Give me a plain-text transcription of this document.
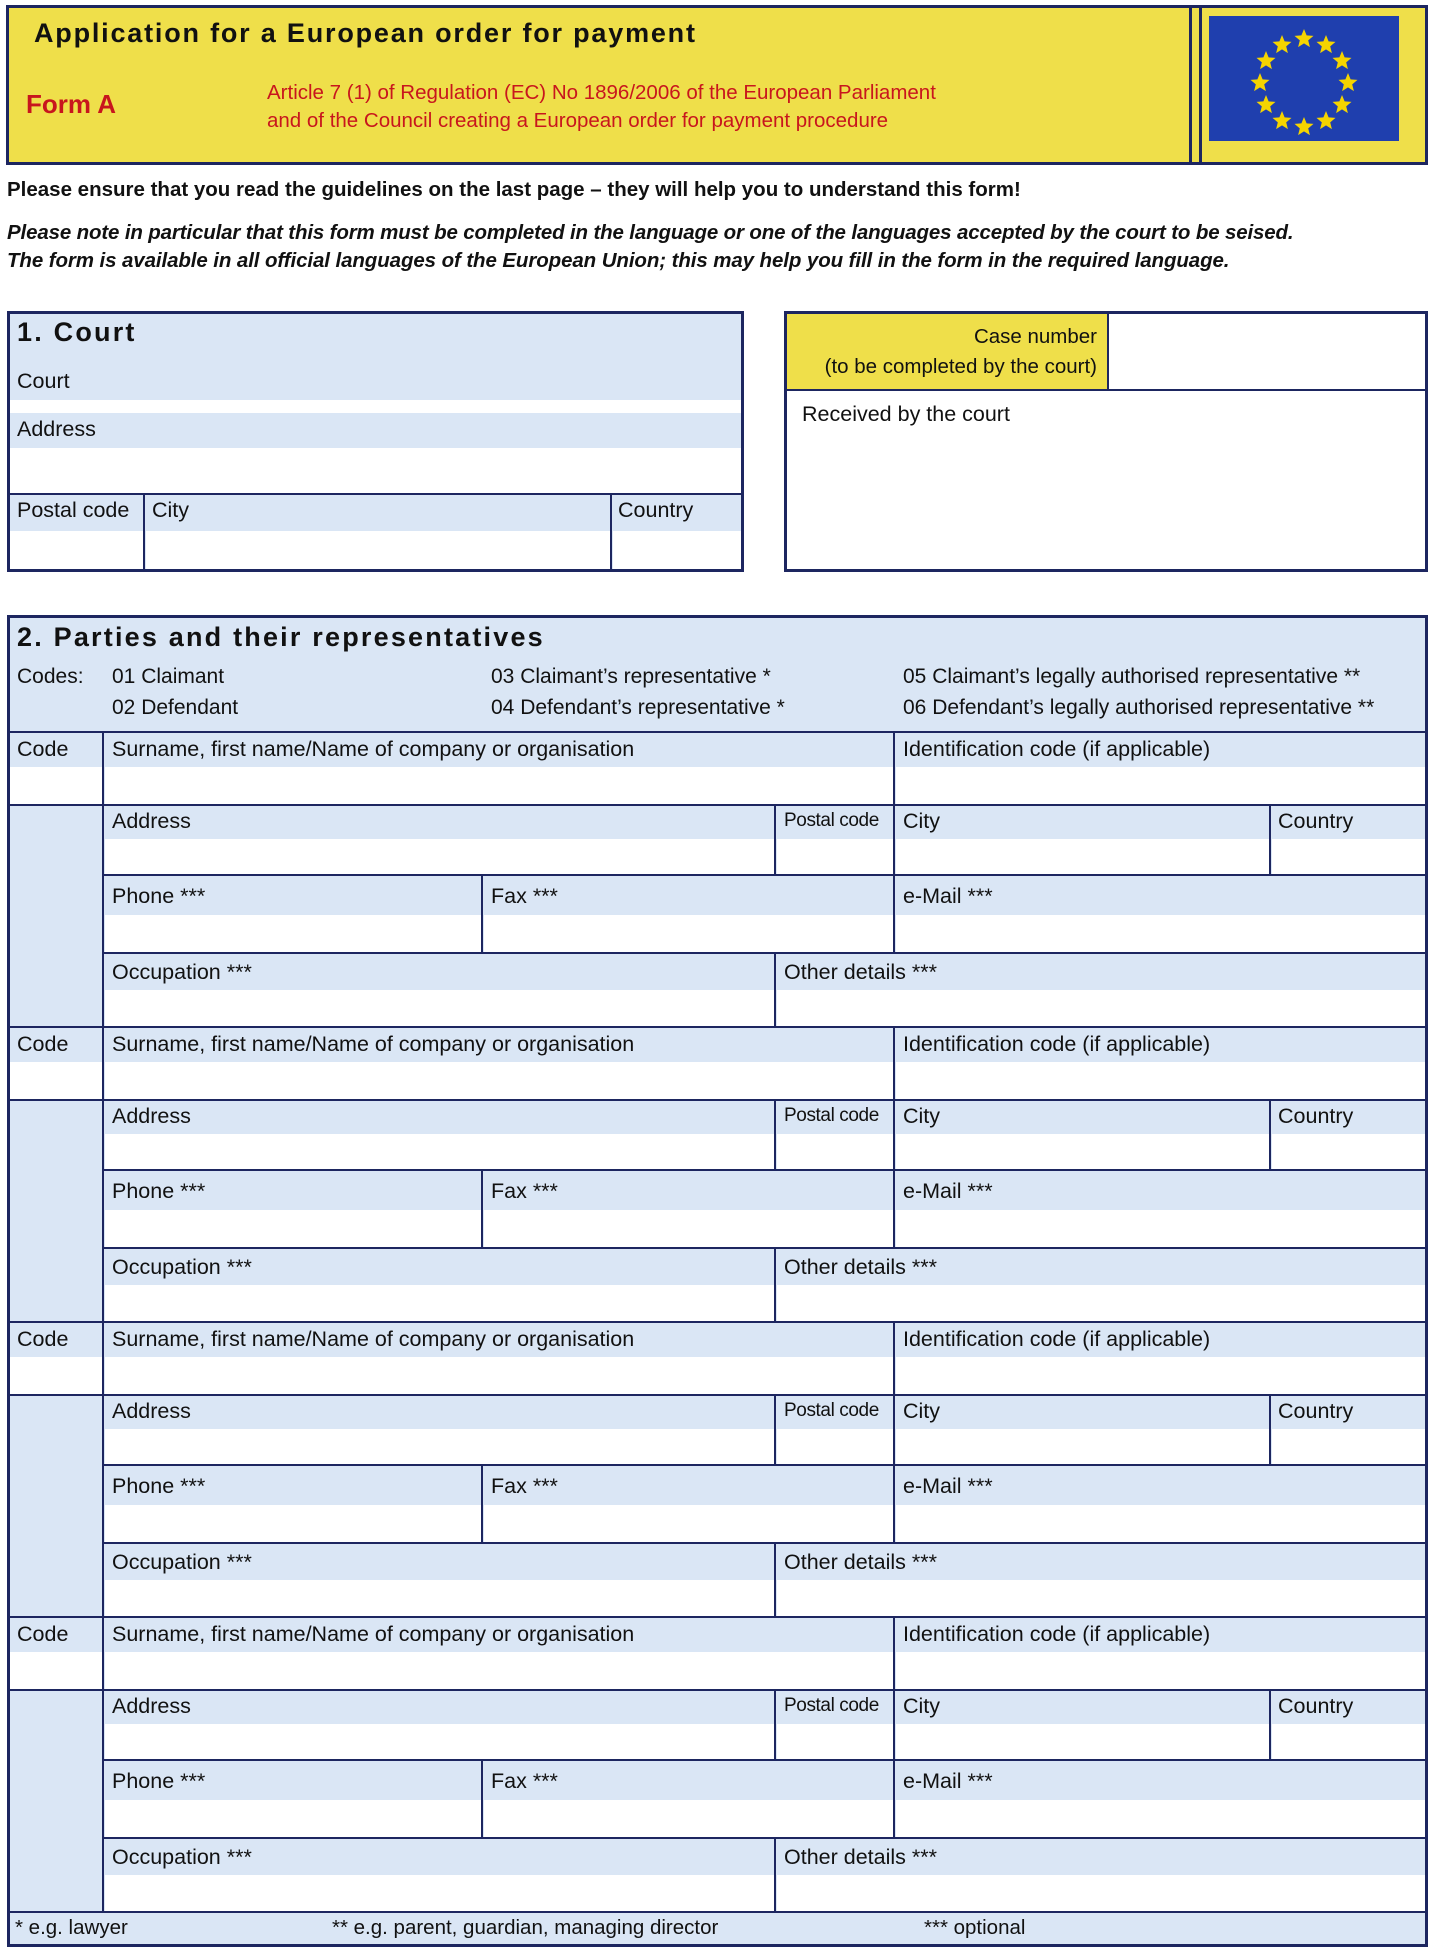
Application for a European order for payment
Form A	Article 7 (1) of Regulation (EC) No 1896/2006 of the European Parliament
and of the Council creating a European order for payment procedure
Please ensure that you read the guidelines on the last page – they will help you to understand this form!
Please note in particular that this form must be completed in the language or one of the languages accepted by the court to be seised.
The form is available in all official languages of the European Union; this may help you fill in the form in the required language.
1. Court
Court
Address
Postal code City	Country
Case number
(to be completed by the court)
Received by the court
2. Parties and their representatives
Codes: 01 Claimant
02 Defendant
03 Claimant’s representative *
04 Defendant’s representative *
05 Claimant’s legally authorised representative **
06 Defendant’s legally authorised representative **
Code Surname, first name/Name of company or organisation	Identification code (if applicable)
Address	Postal code City	Country
Phone ***	Fax ***	e-Mail ***
Occupation ***	Other details ***
Code Surname, first name/Name of company or organisation	Identification code (if applicable)
Address	Postal code City	Country
Phone ***	Fax ***	e-Mail ***
Occupation ***	Other details ***
Code Surname, first name/Name of company or organisation	Identification code (if applicable)
Address	Postal code City	Country
Phone ***	Fax ***	e-Mail ***
Occupation ***	Other details ***
Code Surname, first name/Name of company or organisation	Identification code (if applicable)
Address	Postal code City	Country
Phone ***	Fax ***	e-Mail ***
Occupation ***	Other details ***
* e.g. lawyer	** e.g. parent, guardian, managing director	*** optional
